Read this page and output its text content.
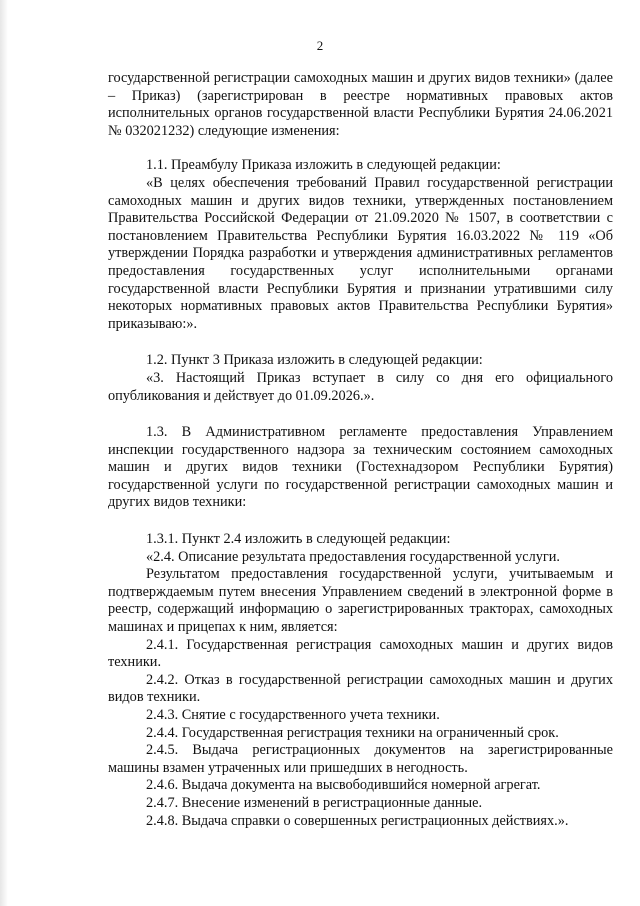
2

государственной регистрации самоходных машин и других видов техники» (далее – Приказ) (зарегистрирован в реестре нормативных правовых актов исполнительных органов государственной власти Республики Бурятия 24.06.2021 № 032021232) следующие изменения:

1.1. Преамбулу Приказа изложить в следующей редакции:

«В целях обеспечения требований Правил государственной регистрации самоходных машин и других видов техники, утвержденных постановлением Правительства Российской Федерации от 21.09.2020 № 1507, в соответствии с постановлением Правительства Республики Бурятия 16.03.2022 № 119 «Об утверждении Порядка разработки и утверждения административных регламентов предоставления государственных услуг исполнительными органами государственной власти Республики Бурятия и признании утратившими силу некоторых нормативных правовых актов Правительства Республики Бурятия» приказываю:».

1.2. Пункт 3 Приказа изложить в следующей редакции:

«3. Настоящий Приказ вступает в силу со дня его официального опубликования и действует до 01.09.2026.».

1.3. В Административном регламенте предоставления Управлением инспекции государственного надзора за техническим состоянием самоходных машин и других видов техники (Гостехнадзором Республики Бурятия) государственной услуги по государственной регистрации самоходных машин и других видов техники:

1.3.1. Пункт 2.4 изложить в следующей редакции:

«2.4. Описание результата предоставления государственной услуги.

Результатом предоставления государственной услуги, учитываемым и подтверждаемым путем внесения Управлением сведений в электронной форме в реестр, содержащий информацию о зарегистрированных тракторах, самоходных машинах и прицепах к ним, является:

2.4.1. Государственная регистрация самоходных машин и других видов техники.

2.4.2. Отказ в государственной регистрации самоходных машин и других видов техники.

2.4.3. Снятие с государственного учета техники.

2.4.4. Государственная регистрация техники на ограниченный срок.

2.4.5. Выдача регистрационных документов на зарегистрированные машины взамен утраченных или пришедших в негодность.

2.4.6. Выдача документа на высвободившийся номерной агрегат.

2.4.7. Внесение изменений в регистрационные данные.

2.4.8. Выдача справки о совершенных регистрационных действиях.».
